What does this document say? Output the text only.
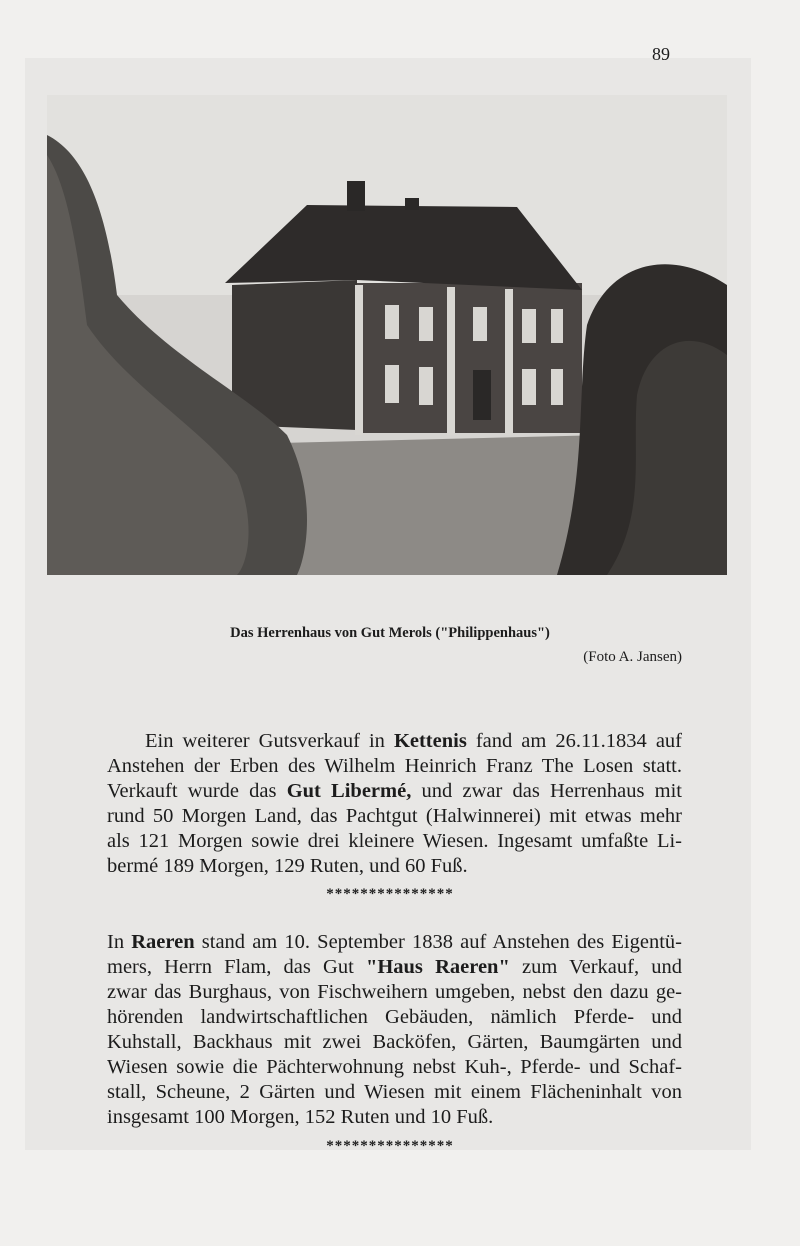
89
Das Herrenhaus von Gut Merols ("Philippenhaus")
(Foto A. Jansen)
Ein weiterer Gutsverkauf in Kettenis fand am 26.11.1834 auf
Anstehen der Erben des Wilhelm Heinrich Franz The Losen statt.
Verkauft wurde das Gut Libermé, und zwar das Herrenhaus mit
rund 50 Morgen Land, das Pachtgut (Halwinnerei) mit etwas mehr
als 121 Morgen sowie drei kleinere Wiesen. Ingesamt umfaßte Li-
bermé 189 Morgen, 129 Ruten, und 60 Fuß.
***************
In Raeren stand am 10. September 1838 auf Anstehen des Eigentü-
mers, Herrn Flam, das Gut "Haus Raeren" zum Verkauf, und
zwar das Burghaus, von Fischweihern umgeben, nebst den dazu ge-
hörenden landwirtschaftlichen Gebäuden, nämlich Pferde- und
Kuhstall, Backhaus mit zwei Backöfen, Gärten, Baumgärten und
Wiesen sowie die Pächterwohnung nebst Kuh-, Pferde- und Schaf-
stall, Scheune, 2 Gärten und Wiesen mit einem Flächeninhalt von
insgesamt 100 Morgen, 152 Ruten und 10 Fuß.
***************
